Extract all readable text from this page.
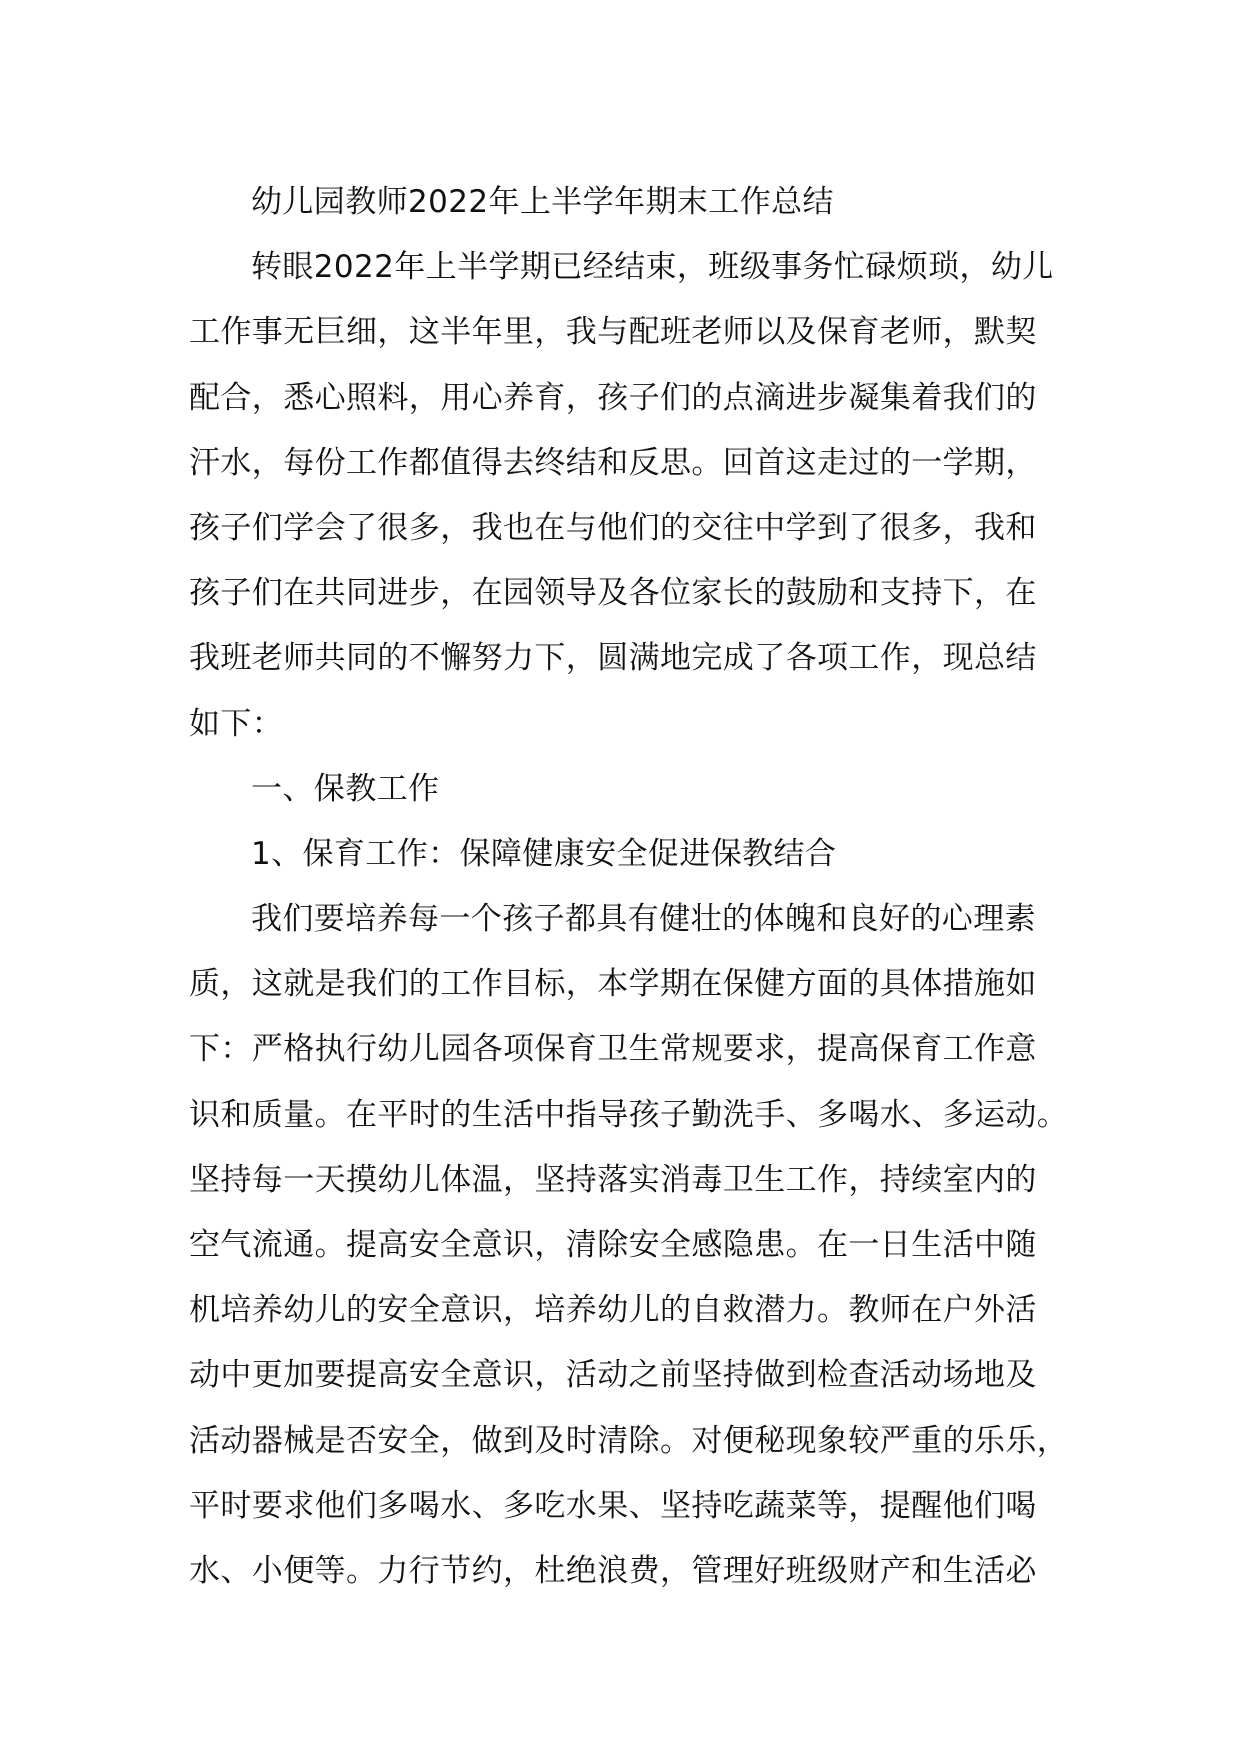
幼儿园教师2022年上半学年期末工作总结
转眼2022年上半学期已经结束，班级事务忙碌烦琐，幼儿
工作事无巨细，这半年里，我与配班老师以及保育老师，默契
配合，悉心照料，用心养育，孩子们的点滴进步凝集着我们的
汗水，每份工作都值得去终结和反思。回首这走过的一学期，
孩子们学会了很多，我也在与他们的交往中学到了很多，我和
孩子们在共同进步，在园领导及各位家长的鼓励和支持下，在
我班老师共同的不懈努力下，圆满地完成了各项工作，现总结
如下：
一、保教工作
1、保育工作：保障健康安全促进保教结合
我们要培养每一个孩子都具有健壮的体魄和良好的心理素
质，这就是我们的工作目标，本学期在保健方面的具体措施如
下：严格执行幼儿园各项保育卫生常规要求，提高保育工作意
识和质量。在平时的生活中指导孩子勤洗手、多喝水、多运动。
坚持每一天摸幼儿体温，坚持落实消毒卫生工作，持续室内的
空气流通。提高安全意识，清除安全感隐患。在一日生活中随
机培养幼儿的安全意识，培养幼儿的自救潜力。教师在户外活
动中更加要提高安全意识，活动之前坚持做到检查活动场地及
活动器械是否安全，做到及时清除。对便秘现象较严重的乐乐，
平时要求他们多喝水、多吃水果、坚持吃蔬菜等，提醒他们喝
水、小便等。力行节约，杜绝浪费，管理好班级财产和生活必
